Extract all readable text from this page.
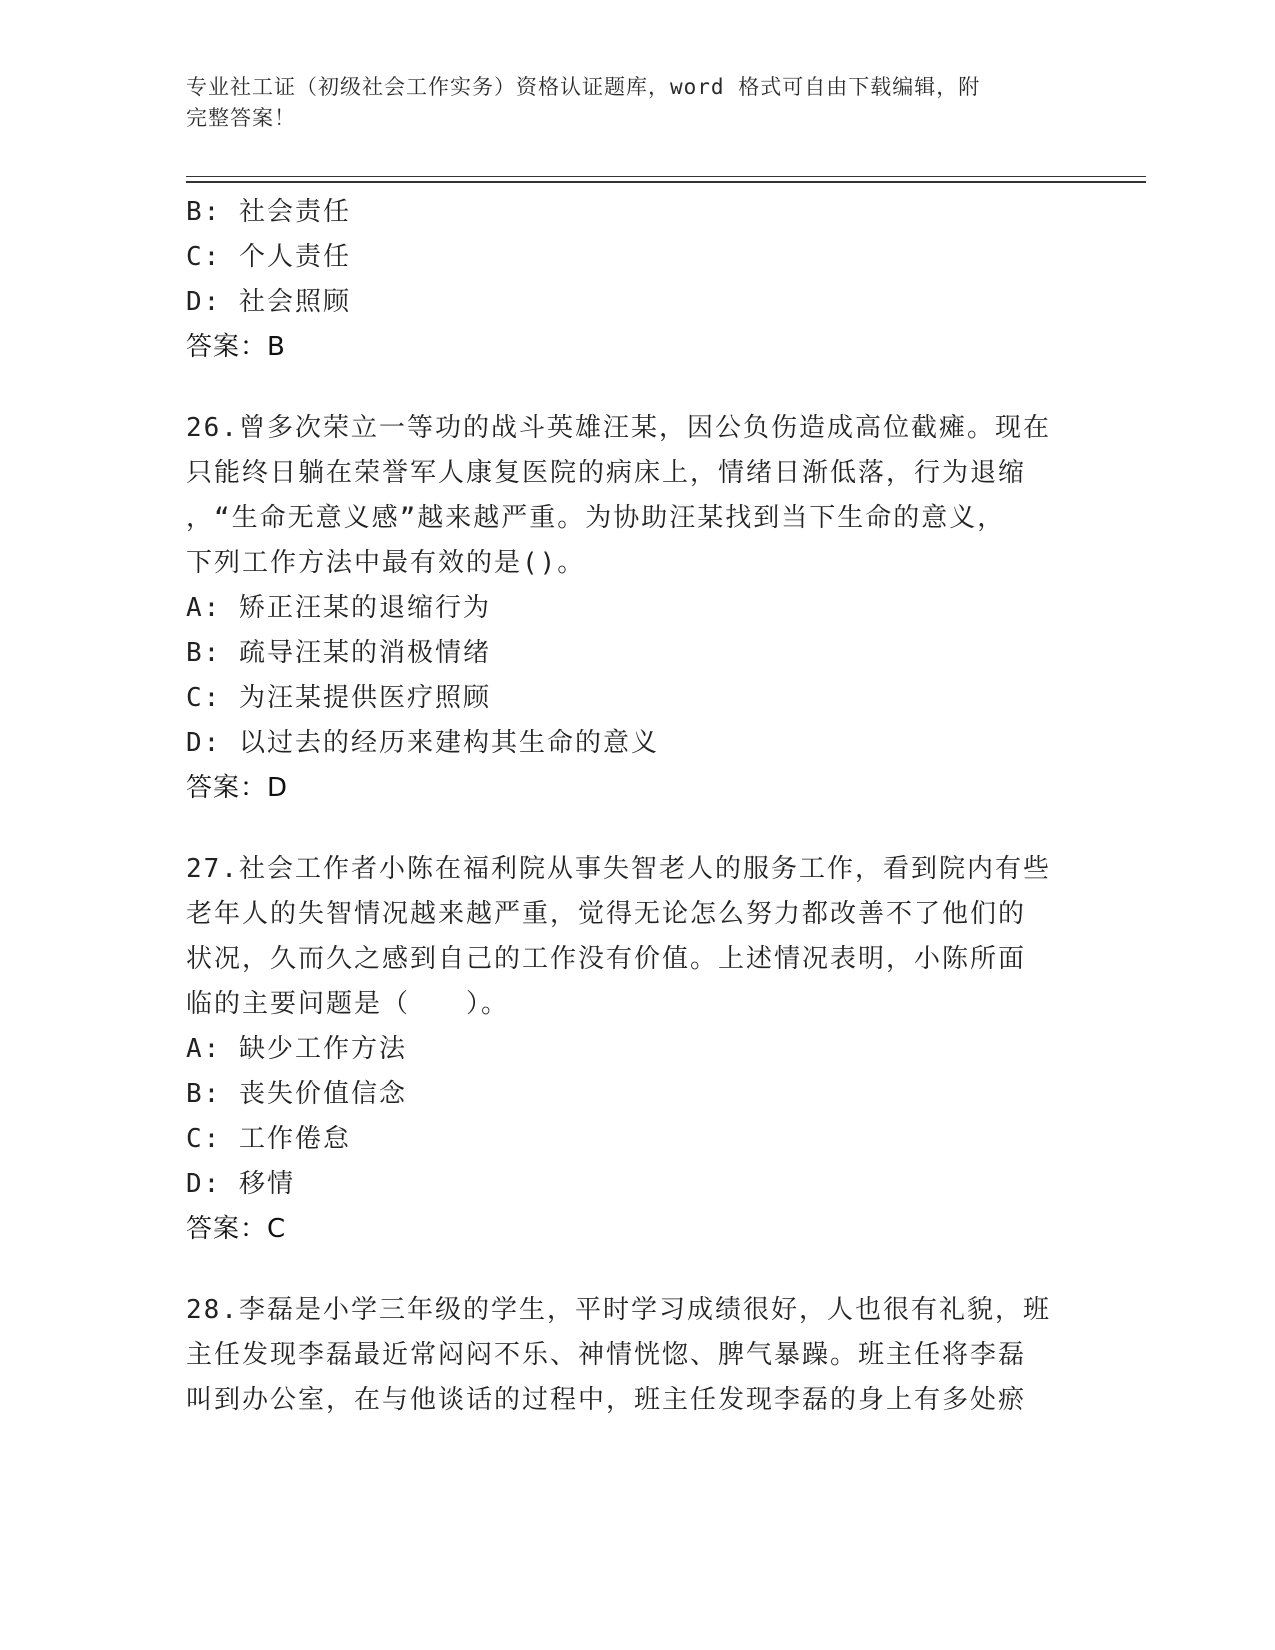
专业社工证（初级社会工作实务）资格认证题库，word 格式可自由下载编辑，附
完整答案！
B: 社会责任
C: 个人责任
D: 社会照顾
答案：B
26.曾多次荣立一等功的战斗英雄汪某，因公负伤造成高位截瘫。现在
只能终日躺在荣誉军人康复医院的病床上，情绪日渐低落，行为退缩
，“生命无意义感”越来越严重。为协助汪某找到当下生命的意义，
下列工作方法中最有效的是()。
A: 矫正汪某的退缩行为
B: 疏导汪某的消极情绪
C: 为汪某提供医疗照顾
D: 以过去的经历来建构其生命的意义
答案：D
27.社会工作者小陈在福利院从事失智老人的服务工作，看到院内有些
老年人的失智情况越来越严重，觉得无论怎么努力都改善不了他们的
状况，久而久之感到自己的工作没有价值。上述情况表明，小陈所面
临的主要问题是（　　）。
A: 缺少工作方法
B: 丧失价值信念
C: 工作倦怠
D: 移情
答案：C
28.李磊是小学三年级的学生，平时学习成绩很好，人也很有礼貌，班
主任发现李磊最近常闷闷不乐、神情恍惚、脾气暴躁。班主任将李磊
叫到办公室，在与他谈话的过程中，班主任发现李磊的身上有多处瘀
